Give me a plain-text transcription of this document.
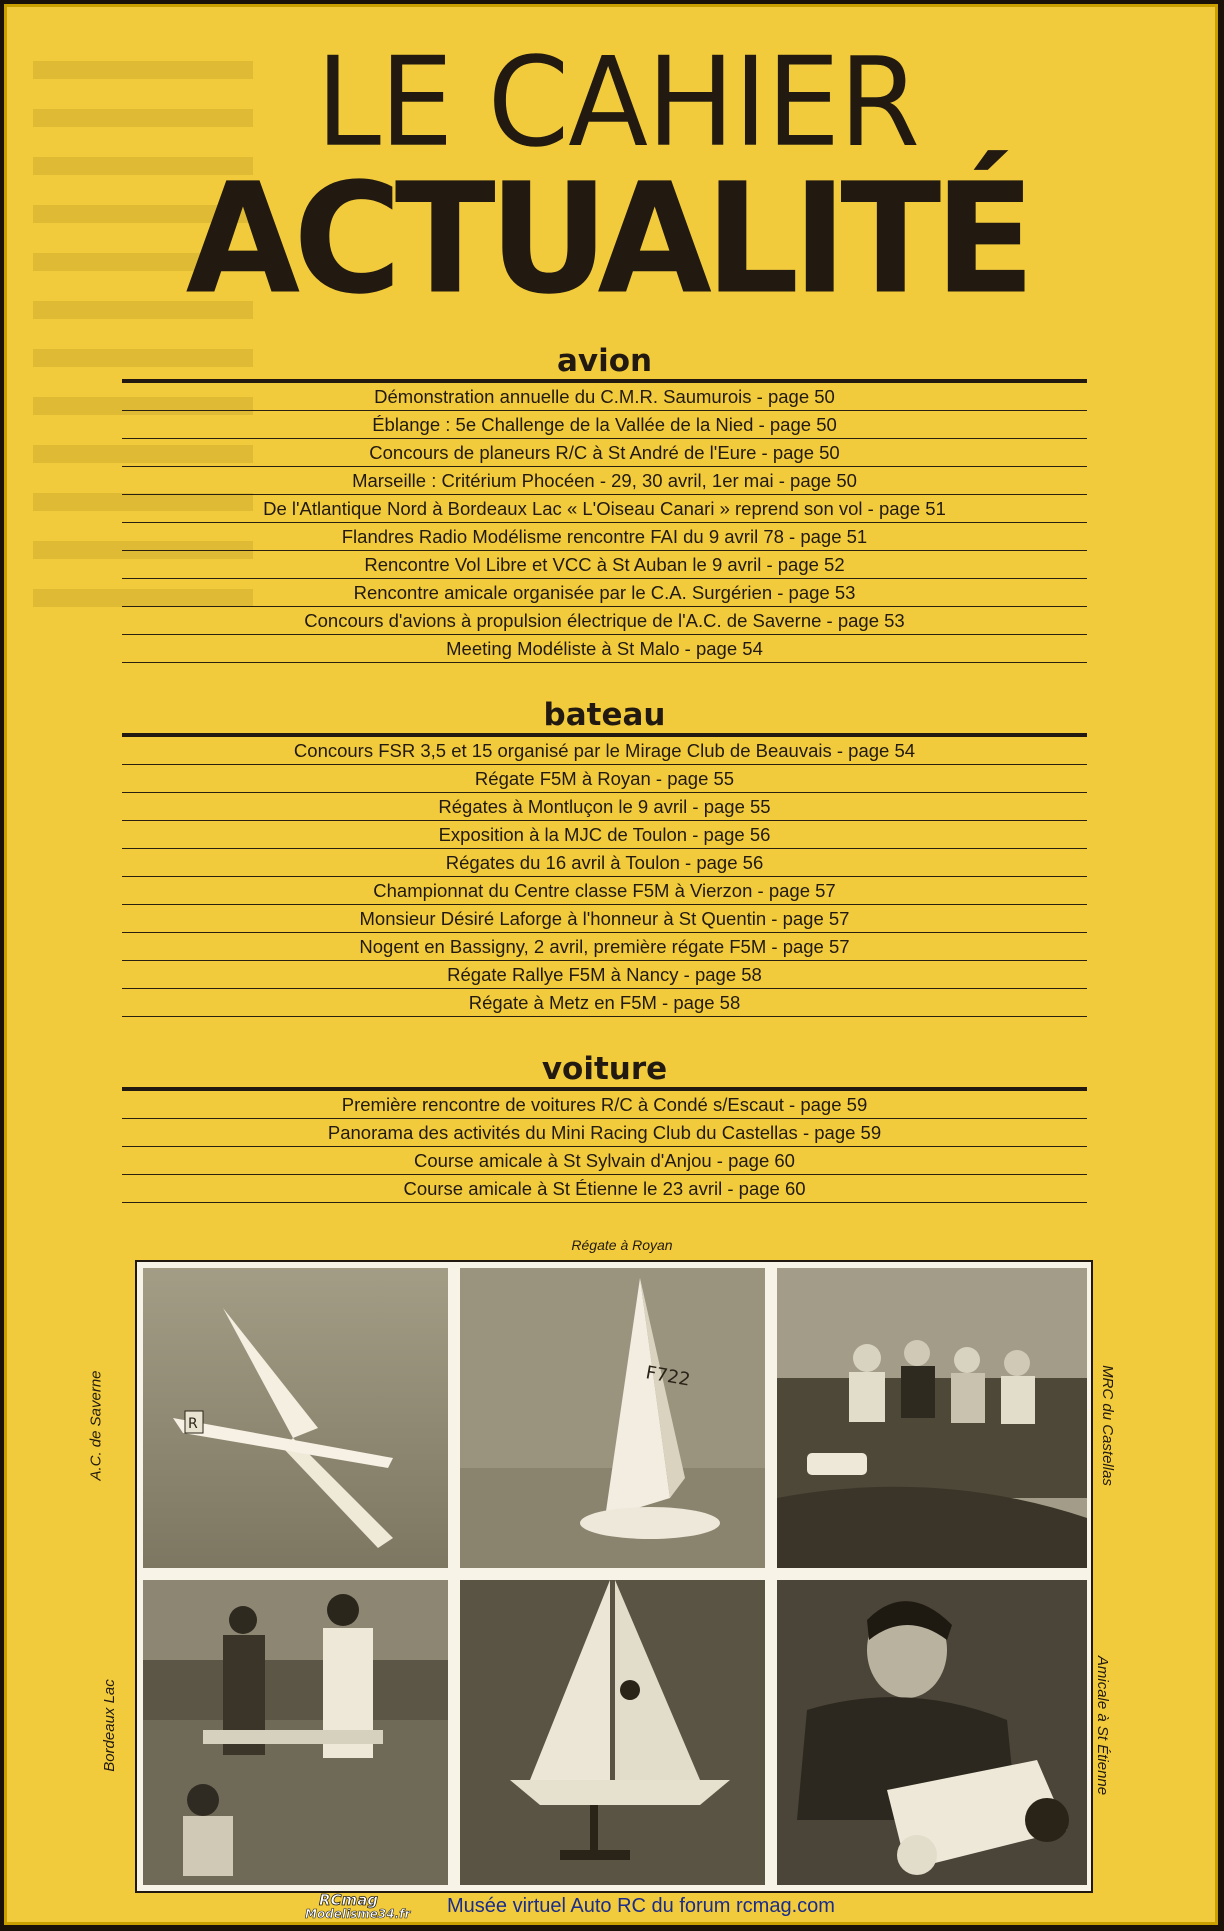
LE CAHIER
ACTUALITÉ
avion
Démonstration annuelle du C.M.R. Saumurois - page 50
Éblange : 5e Challenge de la Vallée de la Nied - page 50
Concours de planeurs R/C à St André de l'Eure - page 50
Marseille : Critérium Phocéen - 29, 30 avril, 1er mai - page 50
De l'Atlantique Nord à Bordeaux Lac « L'Oiseau Canari » reprend son vol - page 51
Flandres Radio Modélisme rencontre FAI du 9 avril 78 - page 51
Rencontre Vol Libre et VCC à St Auban le 9 avril - page 52
Rencontre amicale organisée par le C.A. Surgérien - page 53
Concours d'avions à propulsion électrique de l'A.C. de Saverne - page 53
Meeting Modéliste à St Malo - page 54
bateau
Concours FSR 3,5 et 15 organisé par le Mirage Club de Beauvais - page 54
Régate F5M à Royan - page 55
Régates à Montluçon le 9 avril - page 55
Exposition à la MJC de Toulon - page 56
Régates du 16 avril à Toulon - page 56
Championnat du Centre classe F5M à Vierzon - page 57
Monsieur Désiré Laforge à l'honneur à St Quentin - page 57
Nogent en Bassigny, 2 avril, première régate F5M - page 57
Régate Rallye F5M à Nancy - page 58
Régate à Metz en F5M - page 58
voiture
Première rencontre de voitures R/C à Condé s/Escaut - page 59
Panorama des activités du Mini Racing Club du Castellas - page 59
Course amicale à St Sylvain d'Anjou - page 60
Course amicale à St Étienne le 23 avril - page 60
Régate à Royan
A.C. de Saverne
Bordeaux Lac
MRC du Castellas
Amicale à St Étienne
R
F722
RCmag
Modelisme34.fr Musée virtuel Auto RC du forum rcmag.com
